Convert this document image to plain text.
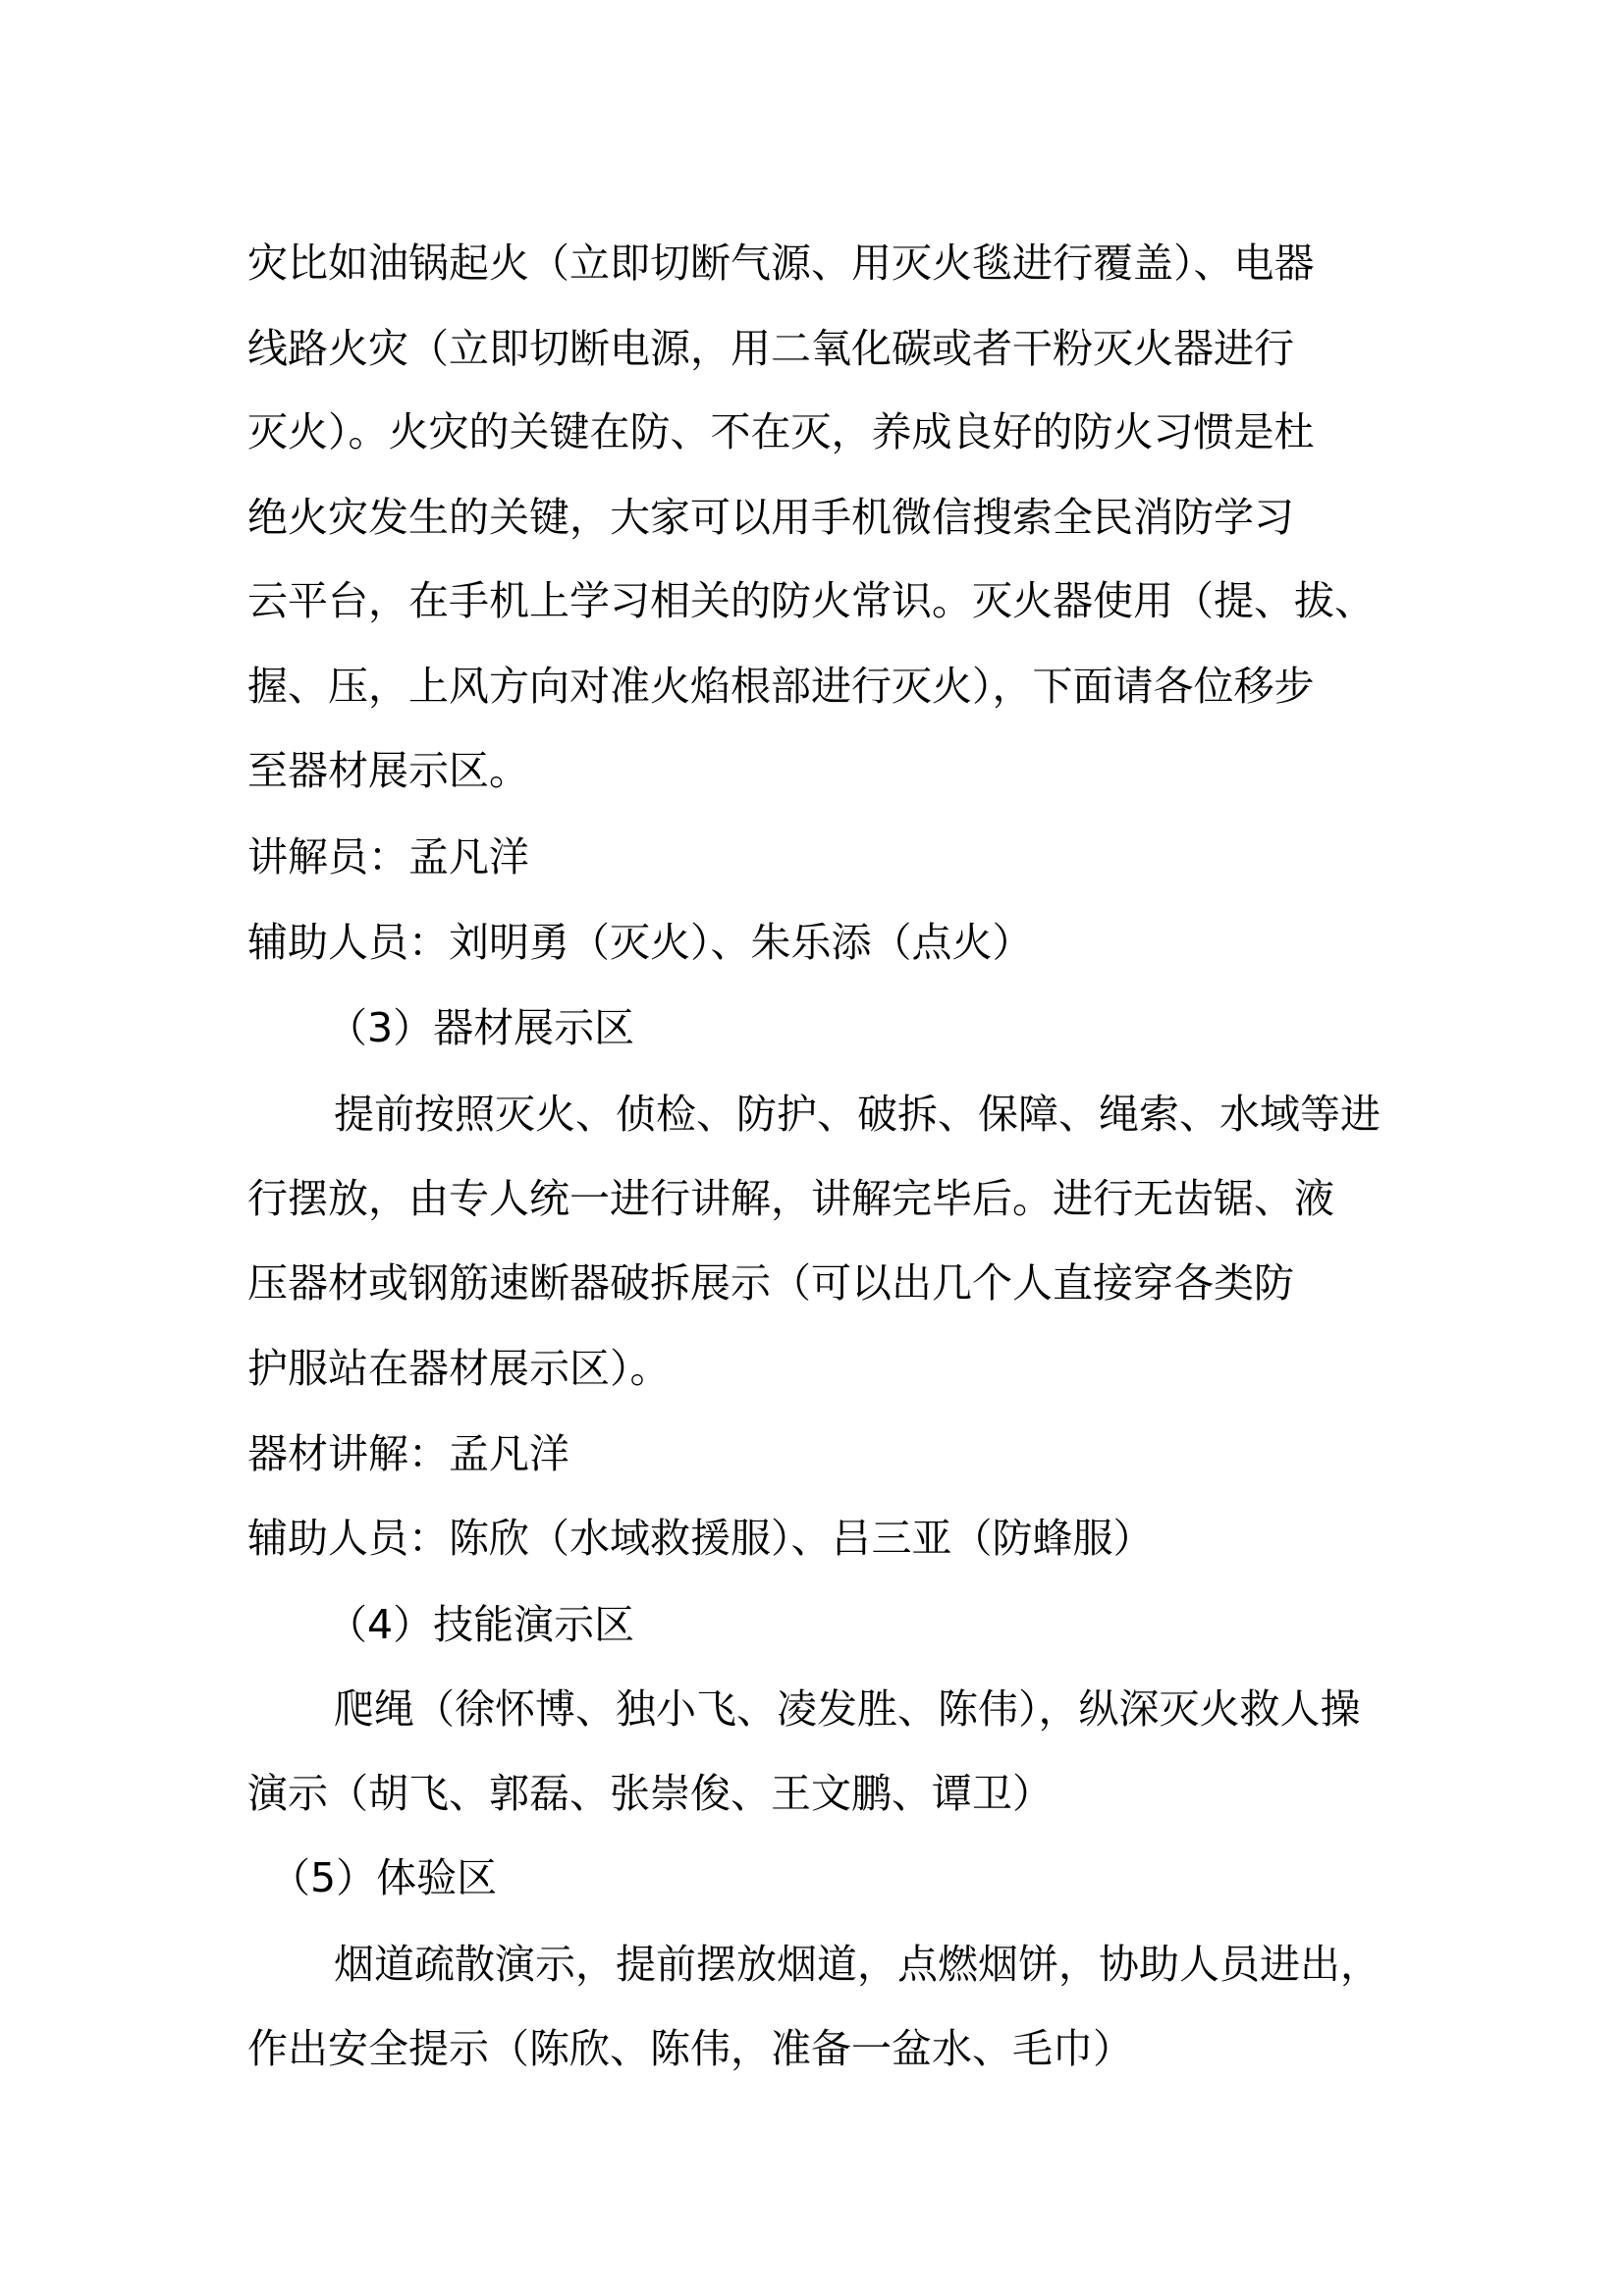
灾比如油锅起火（立即切断气源、用灭火毯进行覆盖）、电器
线路火灾（立即切断电源，用二氧化碳或者干粉灭火器进行
灭火）。火灾的关键在防、不在灭，养成良好的防火习惯是杜
绝火灾发生的关键，大家可以用手机微信搜索全民消防学习
云平台，在手机上学习相关的防火常识。灭火器使用（提、拔、
握、压，上风方向对准火焰根部进行灭火），下面请各位移步
至器材展示区。
讲解员：孟凡洋
辅助人员：刘明勇（灭火）、朱乐添（点火）
（3）器材展示区
提前按照灭火、侦检、防护、破拆、保障、绳索、水域等进
行摆放，由专人统一进行讲解，讲解完毕后。进行无齿锯、液
压器材或钢筋速断器破拆展示（可以出几个人直接穿各类防
护服站在器材展示区）。
器材讲解：孟凡洋
辅助人员：陈欣（水域救援服）、吕三亚（防蜂服）
（4）技能演示区
爬绳（徐怀博、独小飞、凌发胜、陈伟），纵深灭火救人操
演示（胡飞、郭磊、张崇俊、王文鹏、谭卫）
（5）体验区
烟道疏散演示，提前摆放烟道，点燃烟饼，协助人员进出，
作出安全提示（陈欣、陈伟，准备一盆水、毛巾）
